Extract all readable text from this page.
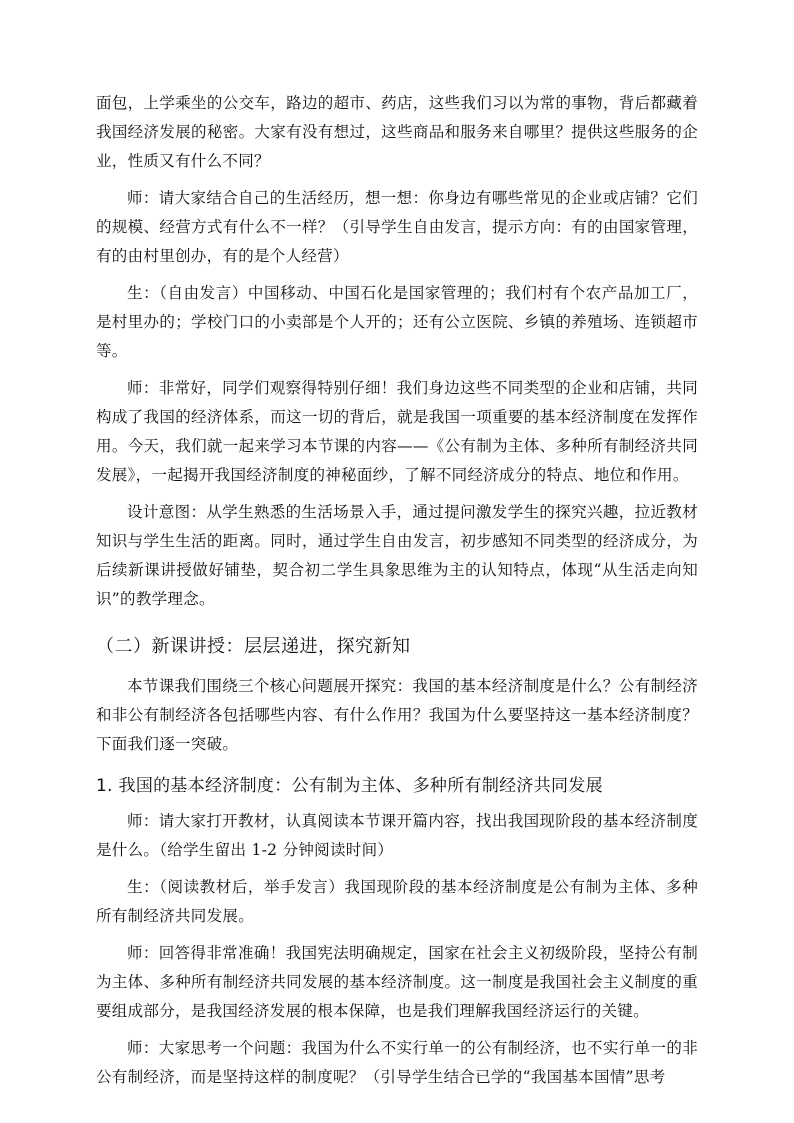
面包，上学乘坐的公交车，路边的超市、药店，这些我们习以为常的事物，背后都藏着我国经济发展的秘密。大家有没有想过，这些商品和服务来自哪里？提供这些服务的企业，性质又有什么不同？

师：请大家结合自己的生活经历，想一想：你身边有哪些常见的企业或店铺？它们的规模、经营方式有什么不一样？（引导学生自由发言，提示方向：有的由国家管理，有的由村里创办，有的是个人经营）

生：（自由发言）中国移动、中国石化是国家管理的；我们村有个农产品加工厂，是村里办的；学校门口的小卖部是个人开的；还有公立医院、乡镇的养殖场、连锁超市等。

师：非常好，同学们观察得特别仔细！我们身边这些不同类型的企业和店铺，共同构成了我国的经济体系，而这一切的背后，就是我国一项重要的基本经济制度在发挥作用。今天，我们就一起来学习本节课的内容——《公有制为主体、多种所有制经济共同发展》，一起揭开我国经济制度的神秘面纱，了解不同经济成分的特点、地位和作用。

设计意图：从学生熟悉的生活场景入手，通过提问激发学生的探究兴趣，拉近教材知识与学生生活的距离。同时，通过学生自由发言，初步感知不同类型的经济成分，为后续新课讲授做好铺垫，契合初二学生具象思维为主的认知特点，体现“从生活走向知识”的教学理念。

（二）新课讲授：层层递进，探究新知

本节课我们围绕三个核心问题展开探究：我国的基本经济制度是什么？公有制经济和非公有制经济各包括哪些内容、有什么作用？我国为什么要坚持这一基本经济制度？下面我们逐一突破。

1. 我国的基本经济制度：公有制为主体、多种所有制经济共同发展

师：请大家打开教材，认真阅读本节课开篇内容，找出我国现阶段的基本经济制度是什么。（给学生留出 1-2 分钟阅读时间）

生：（阅读教材后，举手发言）我国现阶段的基本经济制度是公有制为主体、多种所有制经济共同发展。

师：回答得非常准确！我国宪法明确规定，国家在社会主义初级阶段，坚持公有制为主体、多种所有制经济共同发展的基本经济制度。这一制度是我国社会主义制度的重要组成部分，是我国经济发展的根本保障，也是我们理解我国经济运行的关键。

师：大家思考一个问题：我国为什么不实行单一的公有制经济，也不实行单一的非公有制经济，而是坚持这样的制度呢？（引导学生结合已学的“我国基本国情”思考
